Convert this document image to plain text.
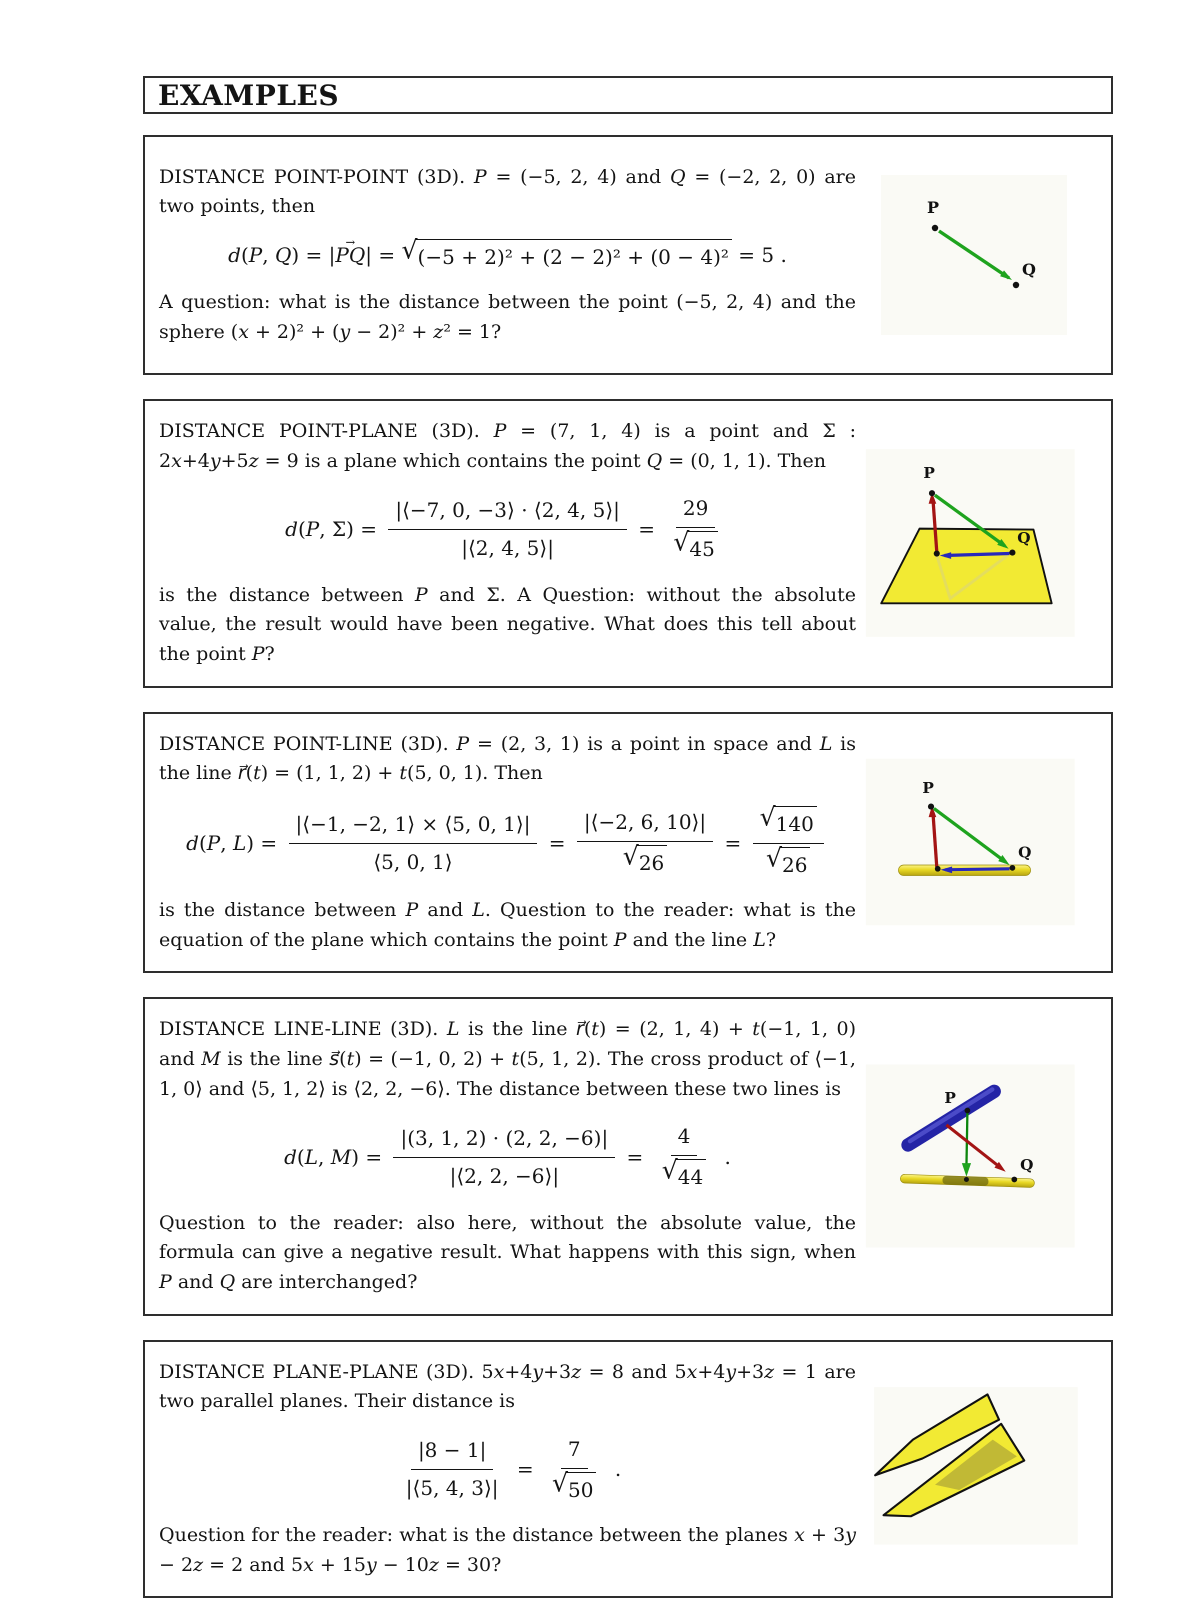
EXAMPLES

DISTANCE POINT-POINT (3D). P = (−5, 2, 4) and Q = (−2, 2, 0) are two points, then

d(P, Q) = | PQ → | = √ (−5 + 2)² + (2 − 2)² + (0 − 4)² = 5 .

A question: what is the distance between the point (−5, 2, 4) and the sphere (x + 2)² + (y − 2)² + z² = 1?

P
Q

DISTANCE POINT-PLANE (3D). P = (7, 1, 4) is a point and Σ : 2x+4y+5z = 9 is a plane which contains the point Q = (0, 1, 1). Then

d(P, $\Sigma) = \frac{|⟨-7, 0, -3⟩ \cdot ⟨2, 4, 5⟩|}{|⟨2, 4, 5⟩|} = \frac{29}{√ 45}$

is the distance between P and Σ. A Question: without the absolute value, the result would have been negative. What does this tell about the point P?

P
Q

DISTANCE POINT-LINE (3D). P = (2, 3, 1) is a point in space and L is the line r⃗(t) = (1, 1, 2) + t(5, 0, 1). Then

d(P, $L) = \frac{|⟨-1, -2, 1⟩ \times ⟨5, 0, 1⟩|}{⟨5, 0, 1⟩} = \frac{|⟨-2, 6, 10⟩|}{√ 26} = \frac{√ 140}{√ 26}$

is the distance between P and L. Question to the reader: what is the equation of the plane which contains the point P and the line L?

P
Q

DISTANCE LINE-LINE (3D). L is the line r⃗(t) = (2, 1, 4) + t(−1, 1, 0) and M is the line s⃗(t) = (−1, 0, 2) + t(5, 1, 2). The cross product of ⟨−1, 1, 0⟩ and ⟨5, 1, 2⟩ is ⟨2, 2, −6⟩. The distance between these two lines is

d(L, $M) = \frac{|(3, 1, 2) \cdot (2, 2, -6)|}{|⟨2, 2, -6⟩|} = \frac{4}{√ 44}$ .

Question to the reader: also here, without the absolute value, the formula can give a negative result. What happens with this sign, when P and Q are interchanged?

P
Q

DISTANCE PLANE-PLANE (3D). 5x+4y+3z = 8 and 5x+4y+3z = 1 are two parallel planes. Their distance is

$\frac{|8 - 1|}{|⟨5, 4, 3⟩|} = \frac{7}{√ 50}$ .

Question for the reader: what is the distance between the planes x + 3y − 2z = 2 and 5x + 15y − 10z = 30?
